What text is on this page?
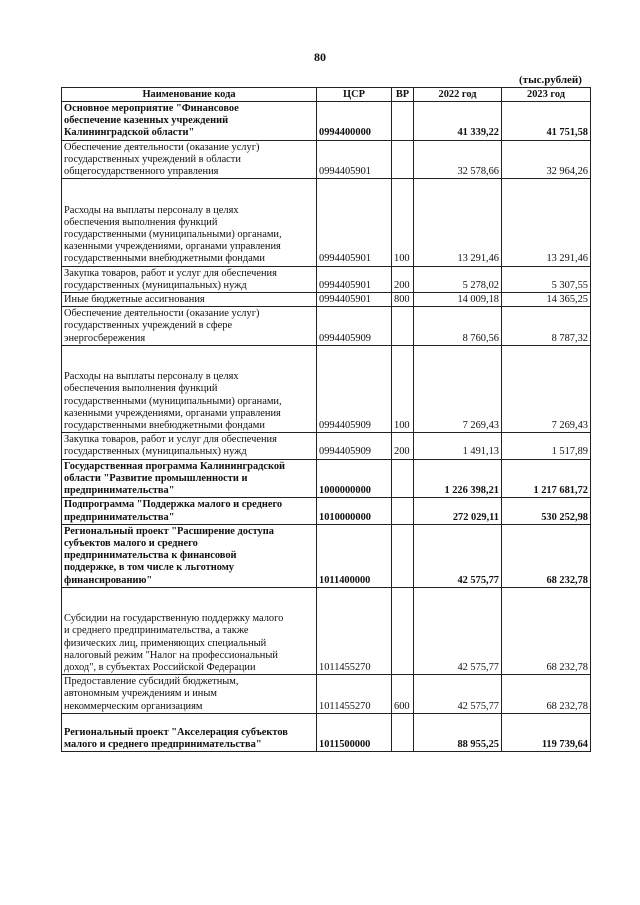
80
(тыс.рублей)
Наименование кода	ЦСР	ВР	2022 год	2023 год

Основное мероприятие "Финансовое
обеспечение казенных учреждений
Калининградской области"	0994400000		41 339,22	41 751,58

Обеспечение деятельности (оказание услуг)
государственных учреждений в области
общегосударственного управления	0994405901		32 578,66	32 964,26

Расходы на выплаты персоналу в целях
обеспечения выполнения функций
государственными (муниципальными) органами,
казенными учреждениями, органами управления
государственными внебюджетными фондами	0994405901	100	13 291,46	13 291,46

Закупка товаров, работ и услуг для обеспечения
государственных (муниципальных) нужд	0994405901	200	5 278,02	5 307,55

Иные бюджетные ассигнования	0994405901	800	14 009,18	14 365,25

Обеспечение деятельности (оказание услуг)
государственных учреждений в сфере
энергосбережения	0994405909		8 760,56	8 787,32

Расходы на выплаты персоналу в целях
обеспечения выполнения функций
государственными (муниципальными) органами,
казенными учреждениями, органами управления
государственными внебюджетными фондами	0994405909	100	7 269,43	7 269,43

Закупка товаров, работ и услуг для обеспечения
государственных (муниципальных) нужд	0994405909	200	1 491,13	1 517,89

Государственная программа Калининградской
области "Развитие промышленности и
предпринимательства"	1000000000		1 226 398,21	1 217 681,72

Подпрограмма "Поддержка малого и среднего
предпринимательства"	1010000000		272 029,11	530 252,98

Региональный проект "Расширение доступа
субъектов малого и среднего
предпринимательства к финансовой
поддержке, в том числе к льготному
финансированию"	1011400000		42 575,77	68 232,78

Субсидии на государственную поддержку малого
и среднего предпринимательства, а также
физических лиц, применяющих специальный
налоговый режим "Налог на профессиональный
доход", в субъектах Российской Федерации	1011455270		42 575,77	68 232,78

Предоставление субсидий бюджетным,
автономным учреждениям и иным
некоммерческим организациям	1011455270	600	42 575,77	68 232,78

Региональный проект "Акселерация субъектов
малого и среднего предпринимательства"	1011500000		88 955,25	119 739,64
